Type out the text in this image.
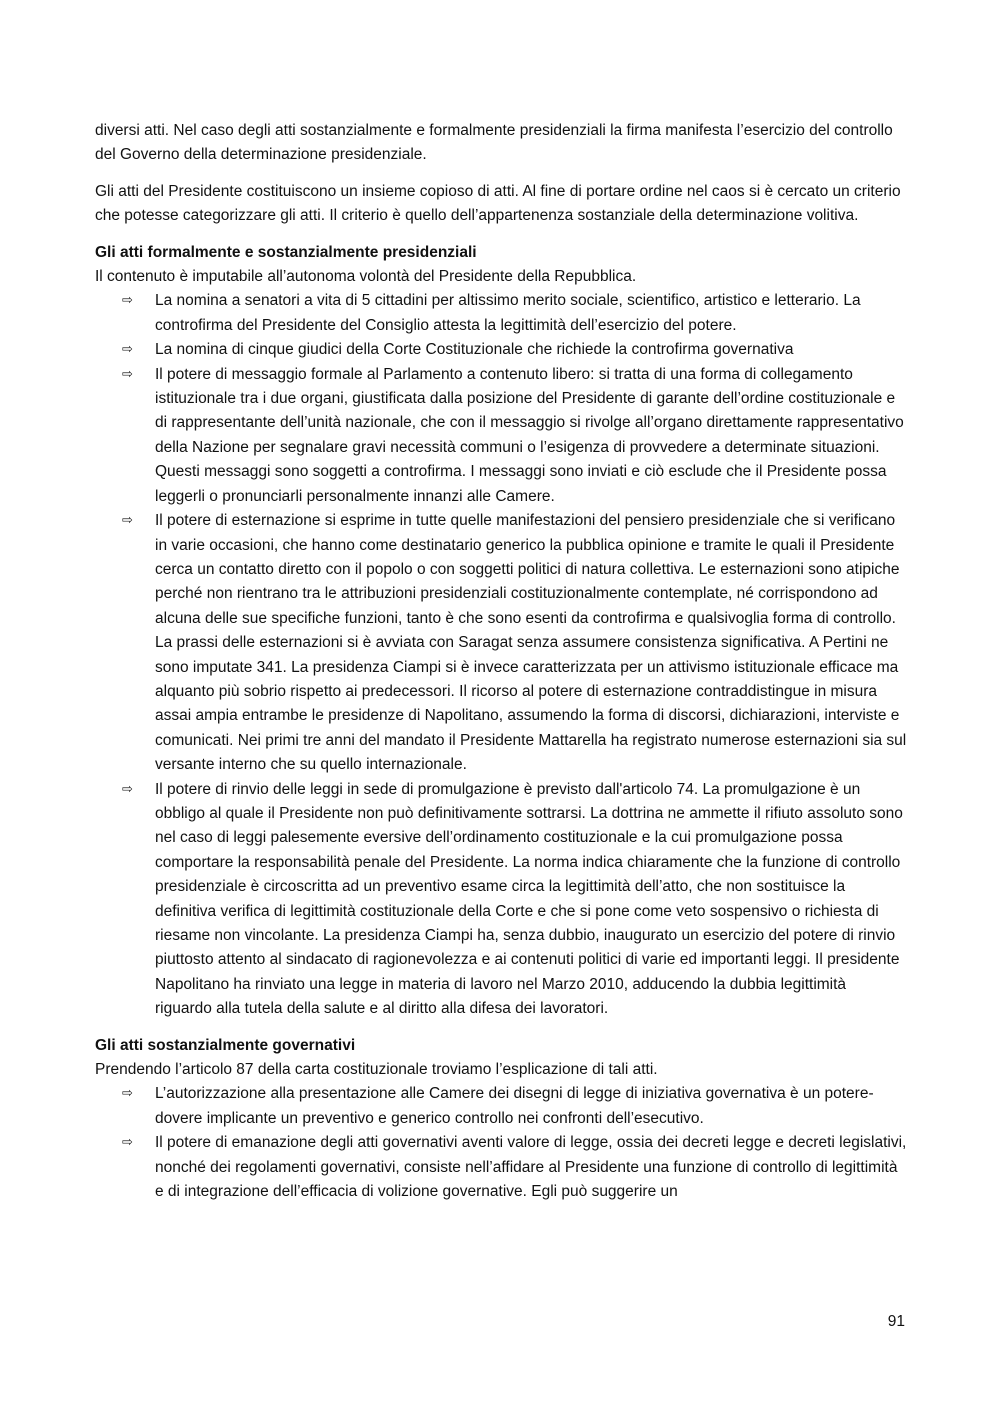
diversi atti. Nel caso degli atti sostanzialmente e formalmente presidenziali la firma manifesta l’esercizio del controllo del Governo della determinazione presidenziale.

Gli atti del Presidente costituiscono un insieme copioso di atti. Al fine di portare ordine nel caos si è cercato un criterio che potesse categorizzare gli atti. Il criterio è quello dell’appartenenza sostanziale della determinazione volitiva.

Gli atti formalmente e sostanzialmente presidenziali

Il contenuto è imputabile all’autonoma volontà del Presidente della Repubblica.

⇨ La nomina a senatori a vita di 5 cittadini per altissimo merito sociale, scientifico, artistico e letterario. La controfirma del Presidente del Consiglio attesta la legittimità dell’esercizio del potere.
⇨ La nomina di cinque giudici della Corte Costituzionale che richiede la controfirma governativa
⇨ Il potere di messaggio formale al Parlamento a contenuto libero: si tratta di una forma di collegamento istituzionale tra i due organi, giustificata dalla posizione del Presidente di garante dell’ordine costituzionale e di rappresentante dell’unità nazionale, che con il messaggio si rivolge all’organo direttamente rappresentativo della Nazione per segnalare gravi necessità communi o l’esigenza di provvedere a determinate situazioni. Questi messaggi sono soggetti a controfirma. I messaggi sono inviati e ciò esclude che il Presidente possa leggerli o pronunciarli personalmente innanzi alle Camere.
⇨ Il potere di esternazione si esprime in tutte quelle manifestazioni del pensiero presidenziale che si verificano in varie occasioni, che hanno come destinatario generico la pubblica opinione e tramite le quali il Presidente cerca un contatto diretto con il popolo o con soggetti politici di natura collettiva. Le esternazioni sono atipiche perché non rientrano tra le attribuzioni presidenziali costituzionalmente contemplate, né corrispondono ad alcuna delle sue specifiche funzioni, tanto è che sono esenti da controfirma e qualsivoglia forma di controllo. La prassi delle esternazioni si è avviata con Saragat senza assumere consistenza significativa. A Pertini ne sono imputate 341. La presidenza Ciampi si è invece caratterizzata per un attivismo istituzionale efficace ma alquanto più sobrio rispetto ai predecessori. Il ricorso al potere di esternazione contraddistingue in misura assai ampia entrambe le presidenze di Napolitano, assumendo la forma di discorsi, dichiarazioni, interviste e comunicati. Nei primi tre anni del mandato il Presidente Mattarella ha registrato numerose esternazioni sia sul versante interno che su quello internazionale.
⇨ Il potere di rinvio delle leggi in sede di promulgazione è previsto dall'articolo 74. La promulgazione è un obbligo al quale il Presidente non può definitivamente sottrarsi. La dottrina ne ammette il rifiuto assoluto sono nel caso di leggi palesemente eversive dell’ordinamento costituzionale e la cui promulgazione possa comportare la responsabilità penale del Presidente. La norma indica chiaramente che la funzione di controllo presidenziale è circoscritta ad un preventivo esame circa la legittimità dell’atto, che non sostituisce la definitiva verifica di legittimità costituzionale della Corte e che si pone come veto sospensivo o richiesta di riesame non vincolante. La presidenza Ciampi ha, senza dubbio, inaugurato un esercizio del potere di rinvio piuttosto attento al sindacato di ragionevolezza e ai contenuti politici di varie ed importanti leggi. Il presidente Napolitano ha rinviato una legge in materia di lavoro nel Marzo 2010, adducendo la dubbia legittimità riguardo alla tutela della salute e al diritto alla difesa dei lavoratori.
Gli atti sostanzialmente governativi

Prendendo l’articolo 87 della carta costituzionale troviamo l’esplicazione di tali atti.

⇨ L’autorizzazione alla presentazione alle Camere dei disegni di legge di iniziativa governativa è un potere-dovere implicante un preventivo e generico controllo nei confronti dell’esecutivo.
⇨ Il potere di emanazione degli atti governativi aventi valore di legge, ossia dei decreti legge e decreti legislativi, nonché dei regolamenti governativi, consiste nell’affidare al Presidente una funzione di controllo di legittimità e di integrazione dell’efficacia di volizione governative. Egli può suggerire un
91
